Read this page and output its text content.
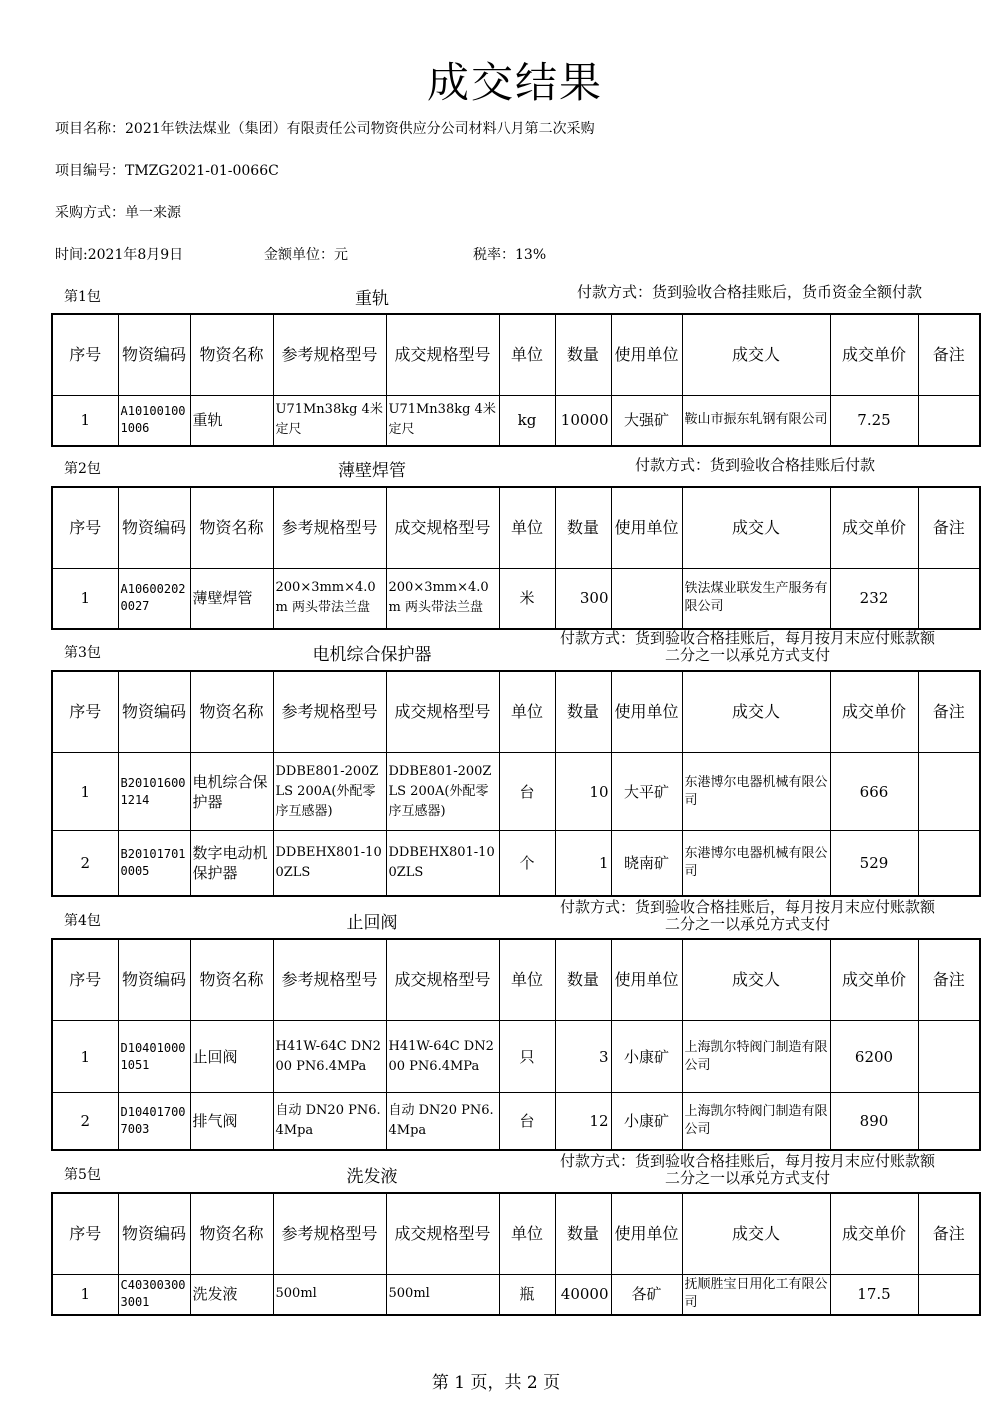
成交结果
项目名称：2021年铁法煤业（集团）有限责任公司物资供应分公司材料八月第二次采购
项目编号：TMZG2021-01-0066C
采购方式：单一来源
时间:2021年8月9日	金额单位：元	税率：13%
第1包	重轨	付款方式：货到验收合格挂账后，货币资金全额付款
序号	物资编码	物资名称	参考规格型号	成交规格型号	单位	数量	使用单位	成交人	成交单价	备注
1	A101001001006	重轨	U71Mn38kg 4米定尺	U71Mn38kg 4米定尺	kg	10000	大强矿	鞍山市振东轧钢有限公司	7.25	
第2包	薄壁焊管	付款方式：货到验收合格挂账后付款
序号	物资编码	物资名称	参考规格型号	成交规格型号	单位	数量	使用单位	成交人	成交单价	备注
1	A106002020027	薄壁焊管	200×3mm×4.0m 两头带法兰盘	200×3mm×4.0m 两头带法兰盘	米	300		铁法煤业联发生产服务有限公司	232	
第3包	电机综合保护器
付款方式：货到验收合格挂账后，每月按月末应付账款额
二分之一以承兑方式支付
序号	物资编码	物资名称	参考规格型号	成交规格型号	单位	数量	使用单位	成交人	成交单价	备注
1	B201016001214	电机综合保护器	DDBE801-200ZLS 200A(外配零序互感器)	DDBE801-200ZLS 200A(外配零序互感器)	台	10	大平矿	东港博尔电器机械有限公司	666	
2	B201017010005	数字电动机保护器	DDBEHX801-100ZLS	DDBEHX801-100ZLS	个	1	晓南矿	东港博尔电器机械有限公司	529	
第4包	止回阀
付款方式：货到验收合格挂账后，每月按月末应付账款额
二分之一以承兑方式支付
序号	物资编码	物资名称	参考规格型号	成交规格型号	单位	数量	使用单位	成交人	成交单价	备注
1	D104010001051	止回阀	H41W-64C DN200 PN6.4MPa	H41W-64C DN200 PN6.4MPa	只	3	小康矿	上海凯尔特阀门制造有限公司	6200	
2	D104017007003	排气阀	自动 DN20 PN6.4Mpa	自动 DN20 PN6.4Mpa	台	12	小康矿	上海凯尔特阀门制造有限公司	890	
第5包	洗发液
付款方式：货到验收合格挂账后，每月按月末应付账款额
二分之一以承兑方式支付
序号	物资编码	物资名称	参考规格型号	成交规格型号	单位	数量	使用单位	成交人	成交单价	备注
1	C403003003001	洗发液	500ml	500ml	瓶	40000	各矿	抚顺胜宝日用化工有限公司	17.5	
第 1 页，共 2 页
